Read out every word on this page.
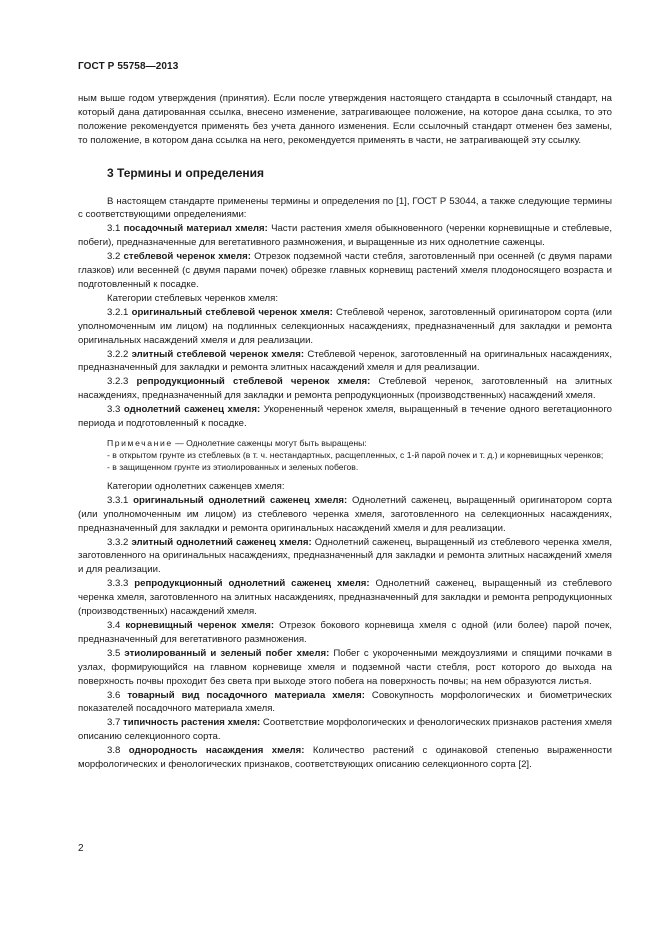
ГОСТ Р 55758—2013

ным выше годом утверждения (принятия). Если после утверждения настоящего стандарта в ссылочный стандарт, на который дана датированная ссылка, внесено изменение, затрагивающее положение, на которое дана ссылка, то это положение рекомендуется применять без учета данного изменения. Если ссылочный стандарт отменен без замены, то положение, в котором дана ссылка на него, рекомендуется применять в части, не затрагивающей эту ссылку.

3 Термины и определения

В настоящем стандарте применены термины и определения по [1], ГОСТ Р 53044, а также следующие термины с соответствующими определениями:

3.1 посадочный материал хмеля: Части растения хмеля обыкновенного (черенки корневищные и стеблевые, побеги), предназначенные для вегетативного размножения, и выращенные из них однолетние саженцы.

3.2 стеблевой черенок хмеля: Отрезок подземной части стебля, заготовленный при осенней (с двумя парами глазков) или весенней (с двумя парами почек) обрезке главных корневищ растений хмеля плодоносящего возраста и подготовленный к посадке.

Категории стеблевых черенков хмеля:

3.2.1 оригинальный стеблевой черенок хмеля: Стеблевой черенок, заготовленный оригинатором сорта (или уполномоченным им лицом) на подлинных селекционных насаждениях, предназначенный для закладки и ремонта оригинальных насаждений хмеля и для реализации.

3.2.2 элитный стеблевой черенок хмеля: Стеблевой черенок, заготовленный на оригинальных насаждениях, предназначенный для закладки и ремонта элитных насаждений хмеля и для реализации.

3.2.3 репродукционный стеблевой черенок хмеля: Стеблевой черенок, заготовленный на элитных насаждениях, предназначенный для закладки и ремонта репродукционных (производственных) насаждений хмеля.

3.3 однолетний саженец хмеля: Укорененный черенок хмеля, выращенный в течение одного вегетационного периода и подготовленный к посадке.

Примечание — Однолетние саженцы могут быть выращены:

- в открытом грунте из стеблевых (в т. ч. нестандартных, расщепленных, с 1-й парой почек и т. д.) и корневищных черенков;

- в защищенном грунте из этиолированных и зеленых побегов.

Категории однолетних саженцев хмеля:

3.3.1 оригинальный однолетний саженец хмеля: Однолетний саженец, выращенный оригинатором сорта (или уполномоченным им лицом) из стеблевого черенка хмеля, заготовленного на селекционных насаждениях, предназначенный для закладки и ремонта оригинальных насаждений хмеля и для реализации.

3.3.2 элитный однолетний саженец хмеля: Однолетний саженец, выращенный из стеблевого черенка хмеля, заготовленного на оригинальных насаждениях, предназначенный для закладки и ремонта элитных насаждений хмеля и для реализации.

3.3.3 репродукционный однолетний саженец хмеля: Однолетний саженец, выращенный из стеблевого черенка хмеля, заготовленного на элитных насаждениях, предназначенный для закладки и ремонта репродукционных (производственных) насаждений хмеля.

3.4 корневищный черенок хмеля: Отрезок бокового корневища хмеля с одной (или более) парой почек, предназначенный для вегетативного размножения.

3.5 этиолированный и зеленый побег хмеля: Побег с укороченными междоузлиями и спящими почками в узлах, формирующийся на главном корневище хмеля и подземной части стебля, рост которого до выхода на поверхность почвы проходит без света при выходе этого побега на поверхность почвы; на нем образуются листья.

3.6 товарный вид посадочного материала хмеля: Совокупность морфологических и биометрических показателей посадочного материала хмеля.

3.7 типичность растения хмеля: Соответствие морфологических и фенологических признаков растения хмеля описанию селекционного сорта.

3.8 однородность насаждения хмеля: Количество растений с одинаковой степенью выраженности морфологических и фенологических признаков, соответствующих описанию селекционного сорта [2].

2
